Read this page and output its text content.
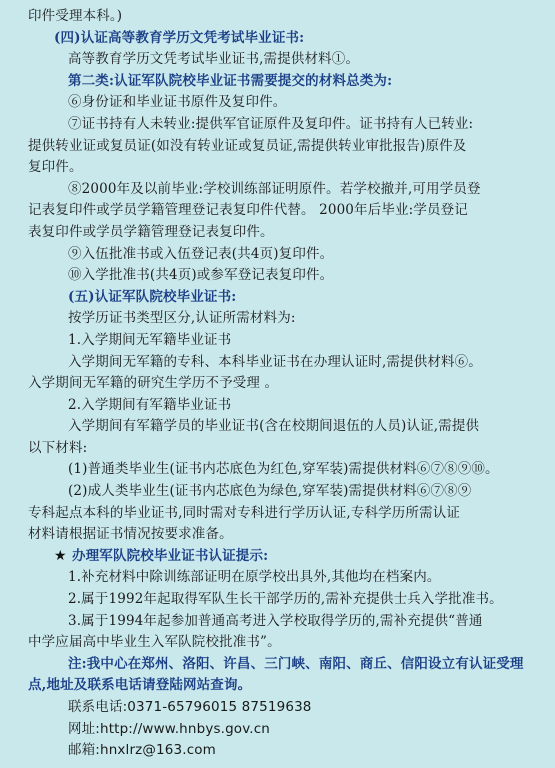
印件受理本科。)
(四)认证高等教育学历文凭考试毕业证书:
高等教育学历文凭考试毕业证书,需提供材料①。
第二类:认证军队院校毕业证书需要提交的材料总类为:
⑥身份证和毕业证书原件及复印件。
⑦证书持有人未转业:提供军官证原件及复印件。证书持有人已转业:
提供转业证或复员证(如没有转业证或复员证,需提供转业审批报告)原件及
复印件。
⑧2000年及以前毕业:学校训练部证明原件。若学校撤并,可用学员登
记表复印件或学员学籍管理登记表复印件代替。 2000年后毕业:学员登记
表复印件或学员学籍管理登记表复印件。
⑨入伍批准书或入伍登记表(共4页)复印件。
⑩入学批准书(共4页)或参军登记表复印件。
(五)认证军队院校毕业证书:
按学历证书类型区分,认证所需材料为:
1.入学期间无军籍毕业证书
入学期间无军籍的专科、本科毕业证书在办理认证时,需提供材料⑥。
入学期间无军籍的研究生学历不予受理 。
2.入学期间有军籍毕业证书
入学期间有军籍学员的毕业证书(含在校期间退伍的人员)认证,需提供
以下材料:
(1)普通类毕业生(证书内芯底色为红色,穿军装)需提供材料⑥⑦⑧⑨⑩。
(2)成人类毕业生(证书内芯底色为绿色,穿军装)需提供材料⑥⑦⑧⑨
专科起点本科的毕业证书,同时需对专科进行学历认证,专科学历所需认证
材料请根据证书情况按要求准备。
★ 办理军队院校毕业证书认证提示:
1.补充材料中除训练部证明在原学校出具外,其他均在档案内。
2.属于1992年起取得军队生长干部学历的,需补充提供士兵入学批准书。
3.属于1994年起参加普通高考进入学校取得学历的,需补充提供“普通
中学应届高中毕业生入军队院校批准书”。
注:我中心在郑州、洛阳、许昌、三门峡、南阳、商丘、信阳设立有认证受理
点,地址及联系电话请登陆网站查询。
联系电话:0371-65796015 87519638
网址:http://www.hnbys.gov.cn
邮箱:hnxlrz@163.com
